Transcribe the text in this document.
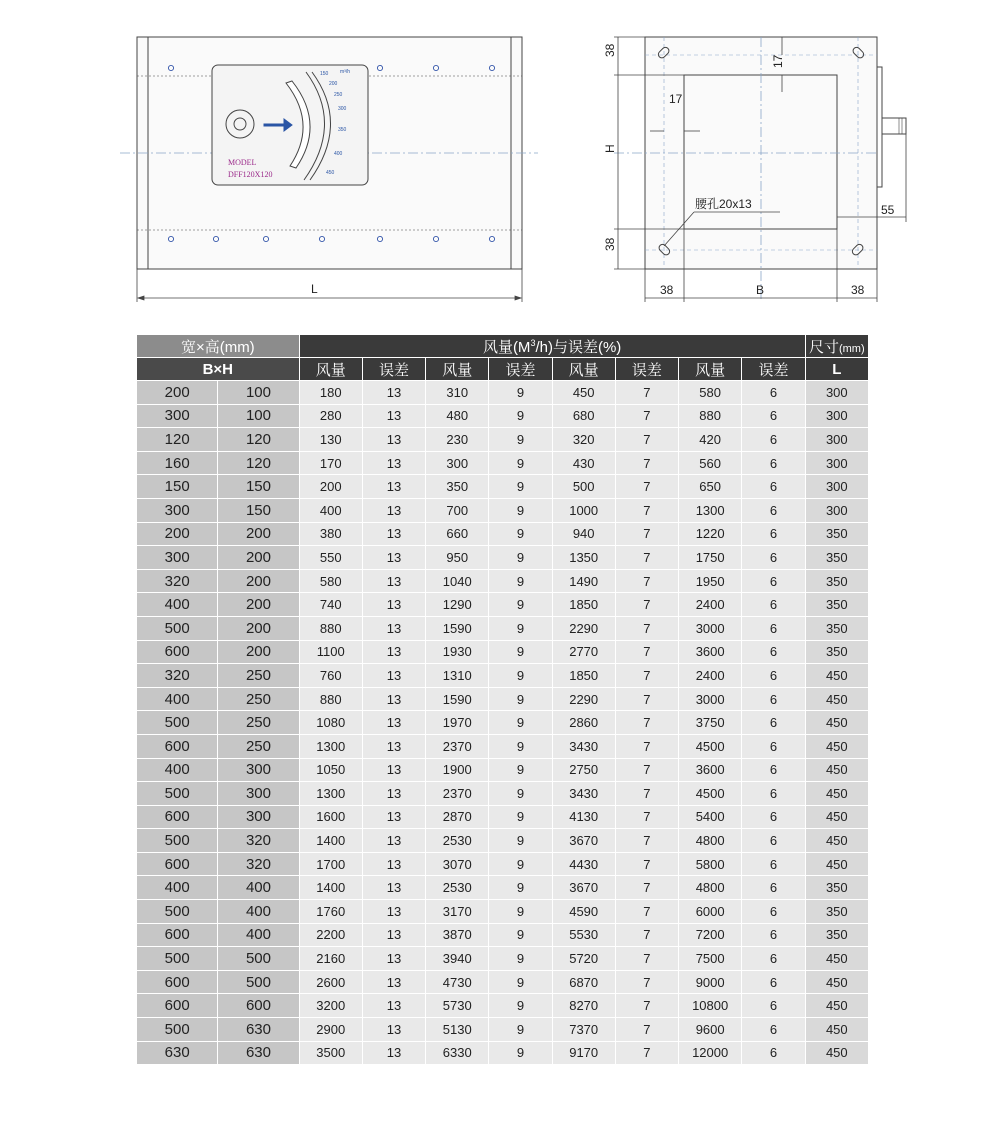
150 m³/h
200
250
300
350
400
450
MODEL
DFF120X120
L
38
38
H
17
17
55
腰孔20x13
38	B	38
宽×高(mm)		风量$(M^3/h)$与误差(%)								尺寸(mm)
B×H		风量	误差	风量	误差	风量	误差	风量	误差	L
200	100	180	13	310	9	450	7	580	6	300
300	100	280	13	480	9	680	7	880	6	300
120	120	130	13	230	9	320	7	420	6	300
160	120	170	13	300	9	430	7	560	6	300
150	150	200	13	350	9	500	7	650	6	300
300	150	400	13	700	9	1000	7	1300	6	300
200	200	380	13	660	9	940	7	1220	6	350
300	200	550	13	950	9	1350	7	1750	6	350
320	200	580	13	1040	9	1490	7	1950	6	350
400	200	740	13	1290	9	1850	7	2400	6	350
500	200	880	13	1590	9	2290	7	3000	6	350
600	200	1100	13	1930	9	2770	7	3600	6	350
320	250	760	13	1310	9	1850	7	2400	6	450
400	250	880	13	1590	9	2290	7	3000	6	450
500	250	1080	13	1970	9	2860	7	3750	6	450
600	250	1300	13	2370	9	3430	7	4500	6	450
400	300	1050	13	1900	9	2750	7	3600	6	450
500	300	1300	13	2370	9	3430	7	4500	6	450
600	300	1600	13	2870	9	4130	7	5400	6	450
500	320	1400	13	2530	9	3670	7	4800	6	450
600	320	1700	13	3070	9	4430	7	5800	6	450
400	400	1400	13	2530	9	3670	7	4800	6	350
500	400	1760	13	3170	9	4590	7	6000	6	350
600	400	2200	13	3870	9	5530	7	7200	6	350
500	500	2160	13	3940	9	5720	7	7500	6	450
600	500	2600	13	4730	9	6870	7	9000	6	450
600	600	3200	13	5730	9	8270	7	10800	6	450
500	630	2900	13	5130	9	7370	7	9600	6	450
630	630	3500	13	6330	9	9170	7	12000	6	450
